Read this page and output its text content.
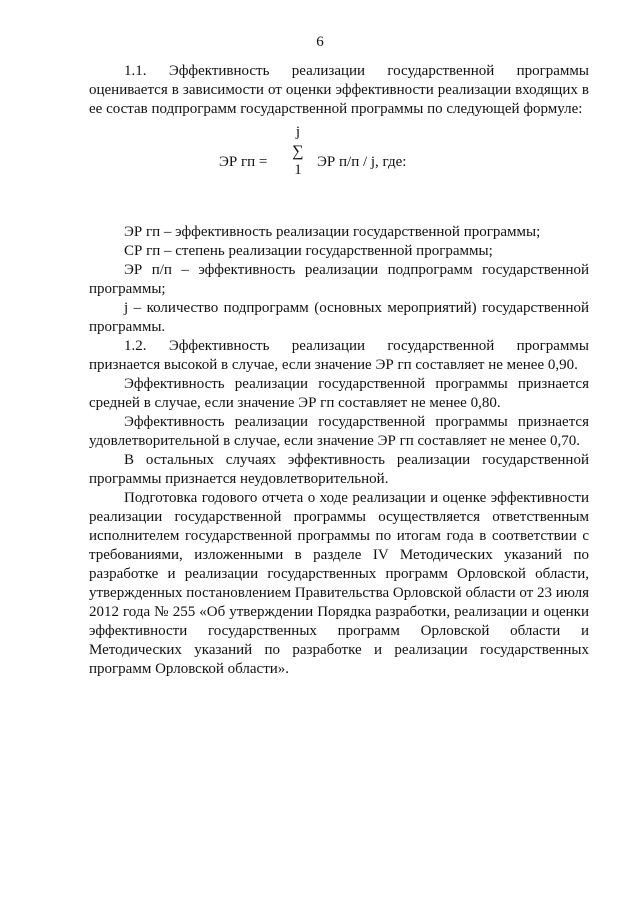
6

1.1. Эффективность реализации государственной программы оценивается в зависимости от оценки эффективности реализации входящих в ее состав подпрограмм государственной программы по следующей формуле:

ЭР гп =
j
∑
1 ЭР п/п / j, где:

ЭР гп – эффективность реализации государственной программы;

СР гп – степень реализации государственной программы;

ЭР п/п – эффективность реализации подпрограмм государственной программы;

j – количество подпрограмм (основных мероприятий) государственной программы.

1.2. Эффективность реализации государственной программы признается высокой в случае, если значение ЭР гп составляет не менее 0,90.

Эффективность реализации государственной программы признается средней в случае, если значение ЭР гп составляет не менее 0,80.

Эффективность реализации государственной программы признается удовлетворительной в случае, если значение ЭР гп составляет не менее 0,70.

В остальных случаях эффективность реализации государственной программы признается неудовлетворительной.

Подготовка годового отчета о ходе реализации и оценке эффективности реализации государственной программы осуществляется ответственным исполнителем государственной программы по итогам года в соответствии с требованиями, изложенными в разделе IV Методических указаний по разработке и реализации государственных программ Орловской области, утвержденных постановлением Правительства Орловской области от 23 июля 2012 года № 255 «Об утверждении Порядка разработки, реализации и оценки эффективности государственных программ Орловской области и Методических указаний по разработке и реализации государственных программ Орловской области».
